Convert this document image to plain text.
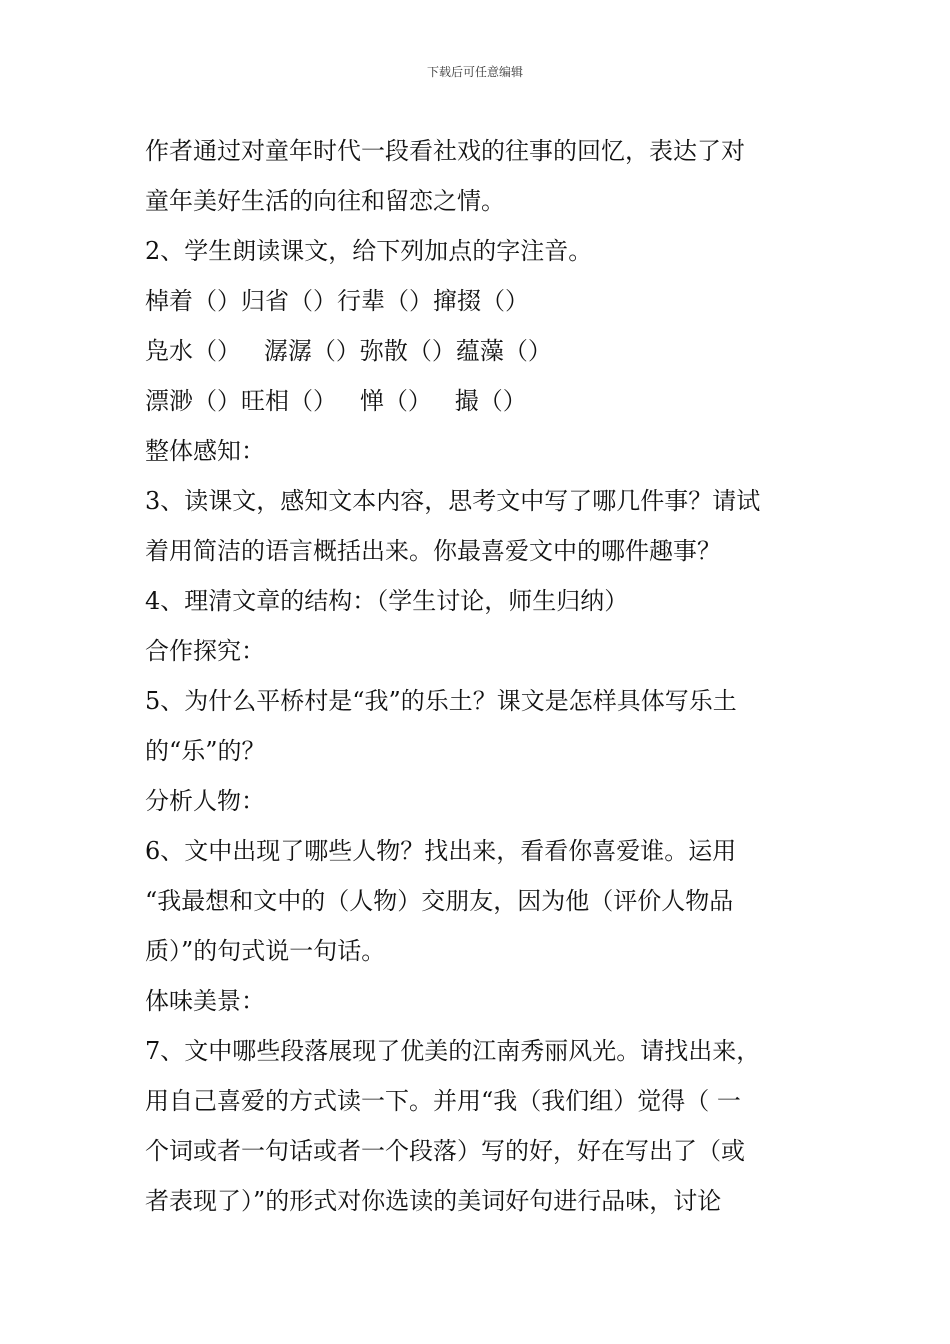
下载后可任意编辑
作者通过对童年时代一段看社戏的往事的回忆，表达了对
童年美好生活的向往和留恋之情。
2、学生朗读课文，给下列加点的字注音。
棹着（）归省（）行辈（）撺掇（）
凫水（）   潺潺（）弥散（）蕴藻（）
漂渺（）旺相（）   惮（）   撮（）
整体感知：
3、读课文，感知文本内容，思考文中写了哪几件事？请试
着用简洁的语言概括出来。你最喜爱文中的哪件趣事？
4、理清文章的结构：（学生讨论，师生归纳）
合作探究：
5、为什么平桥村是“我”的乐土？课文是怎样具体写乐土
的“乐”的？
分析人物：
6、文中出现了哪些人物？找出来，看看你喜爱谁。运用
“我最想和文中的（人物）交朋友，因为他（评价人物品
质）”的句式说一句话。
体味美景：
7、文中哪些段落展现了优美的江南秀丽风光。请找出来，
用自己喜爱的方式读一下。并用“我（我们组）觉得（ 一
个词或者一句话或者一个段落）写的好，好在写出了（或
者表现了）”的形式对你选读的美词好句进行品味，讨论
